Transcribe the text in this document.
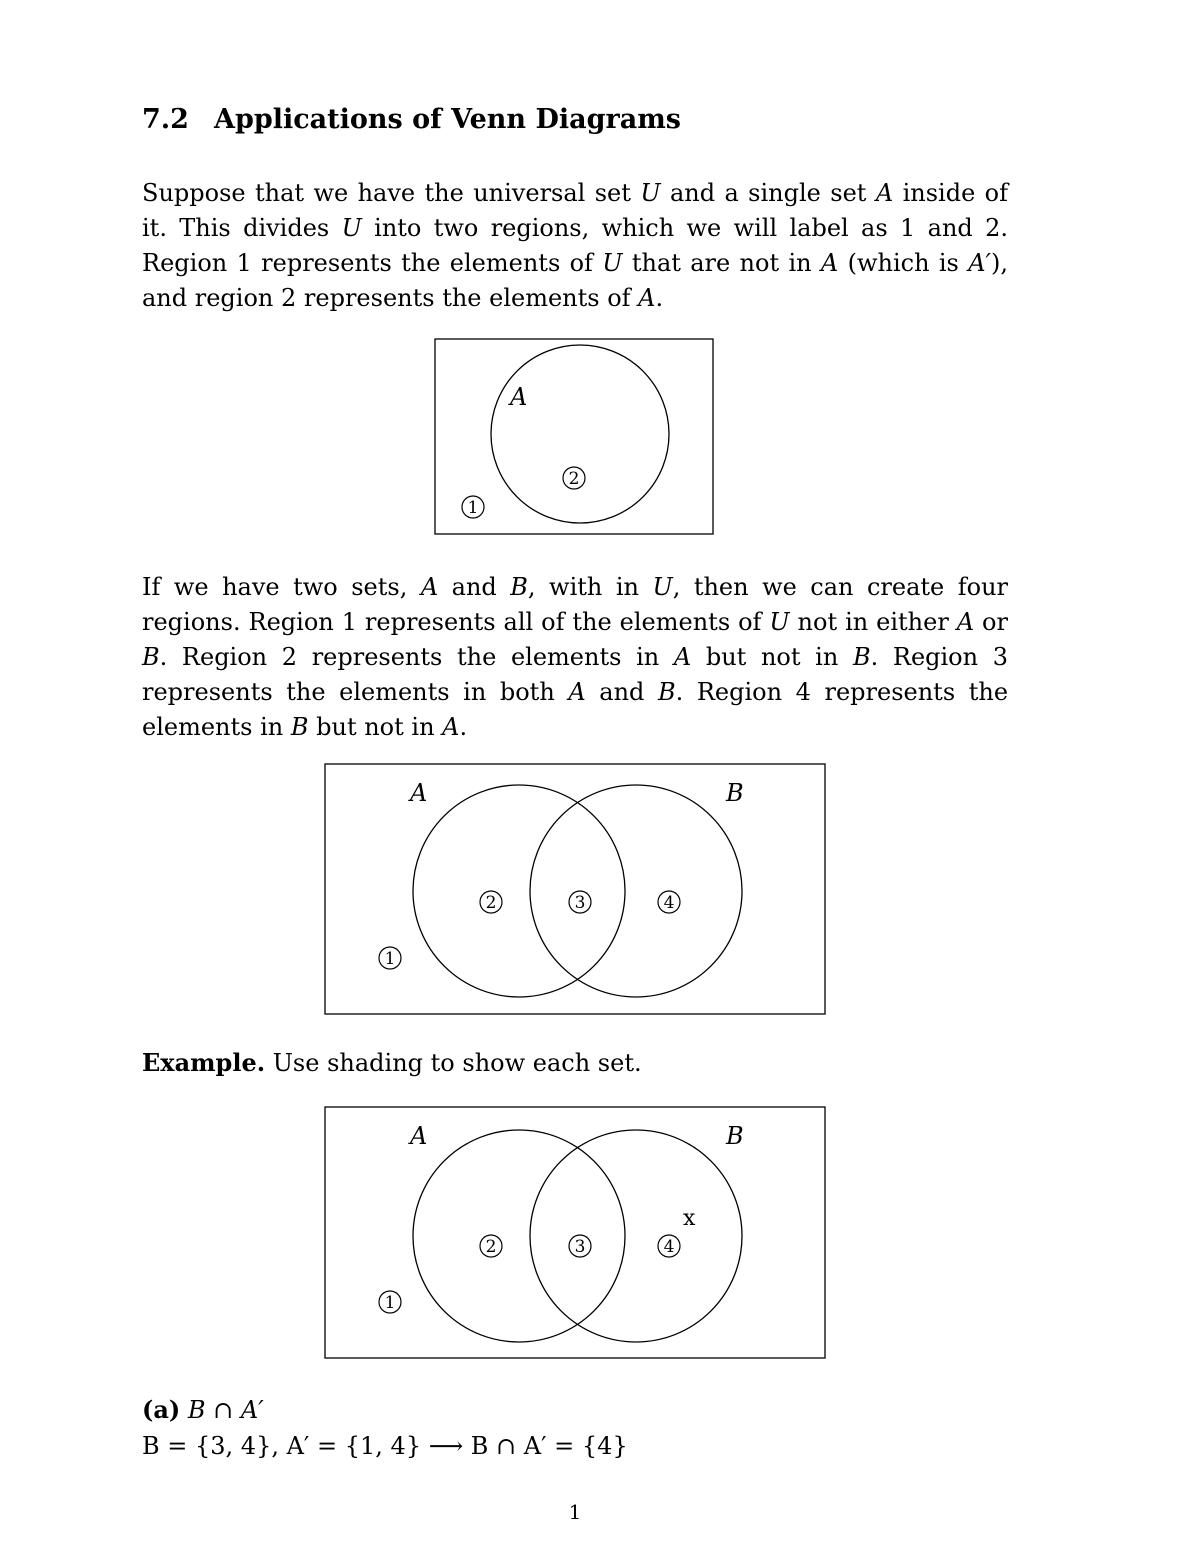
7.2 Applications of Venn Diagrams

Suppose that we have the universal set U and a single set A inside of it. This divides U into two regions, which we will label as 1 and 2. Region 1 represents the elements of U that are not in A (which is A′), and region 2 represents the elements of A.

A
1
2

If we have two sets, A and B, with in U, then we can create four regions. Region 1 represents all of the elements of U not in either A or B. Region 2 represents the elements in A but not in B. Region 3 represents the elements in both A and B. Region 4 represents the elements in B but not in A.

A	B
1
2	3	4

Example. Use shading to show each set.

A	B
x
1
2	3	4
(a) B ∩ A′
B = {3, 4}, A′ = {1, 4} ⟶ B ∩ A′ = {4}
1
